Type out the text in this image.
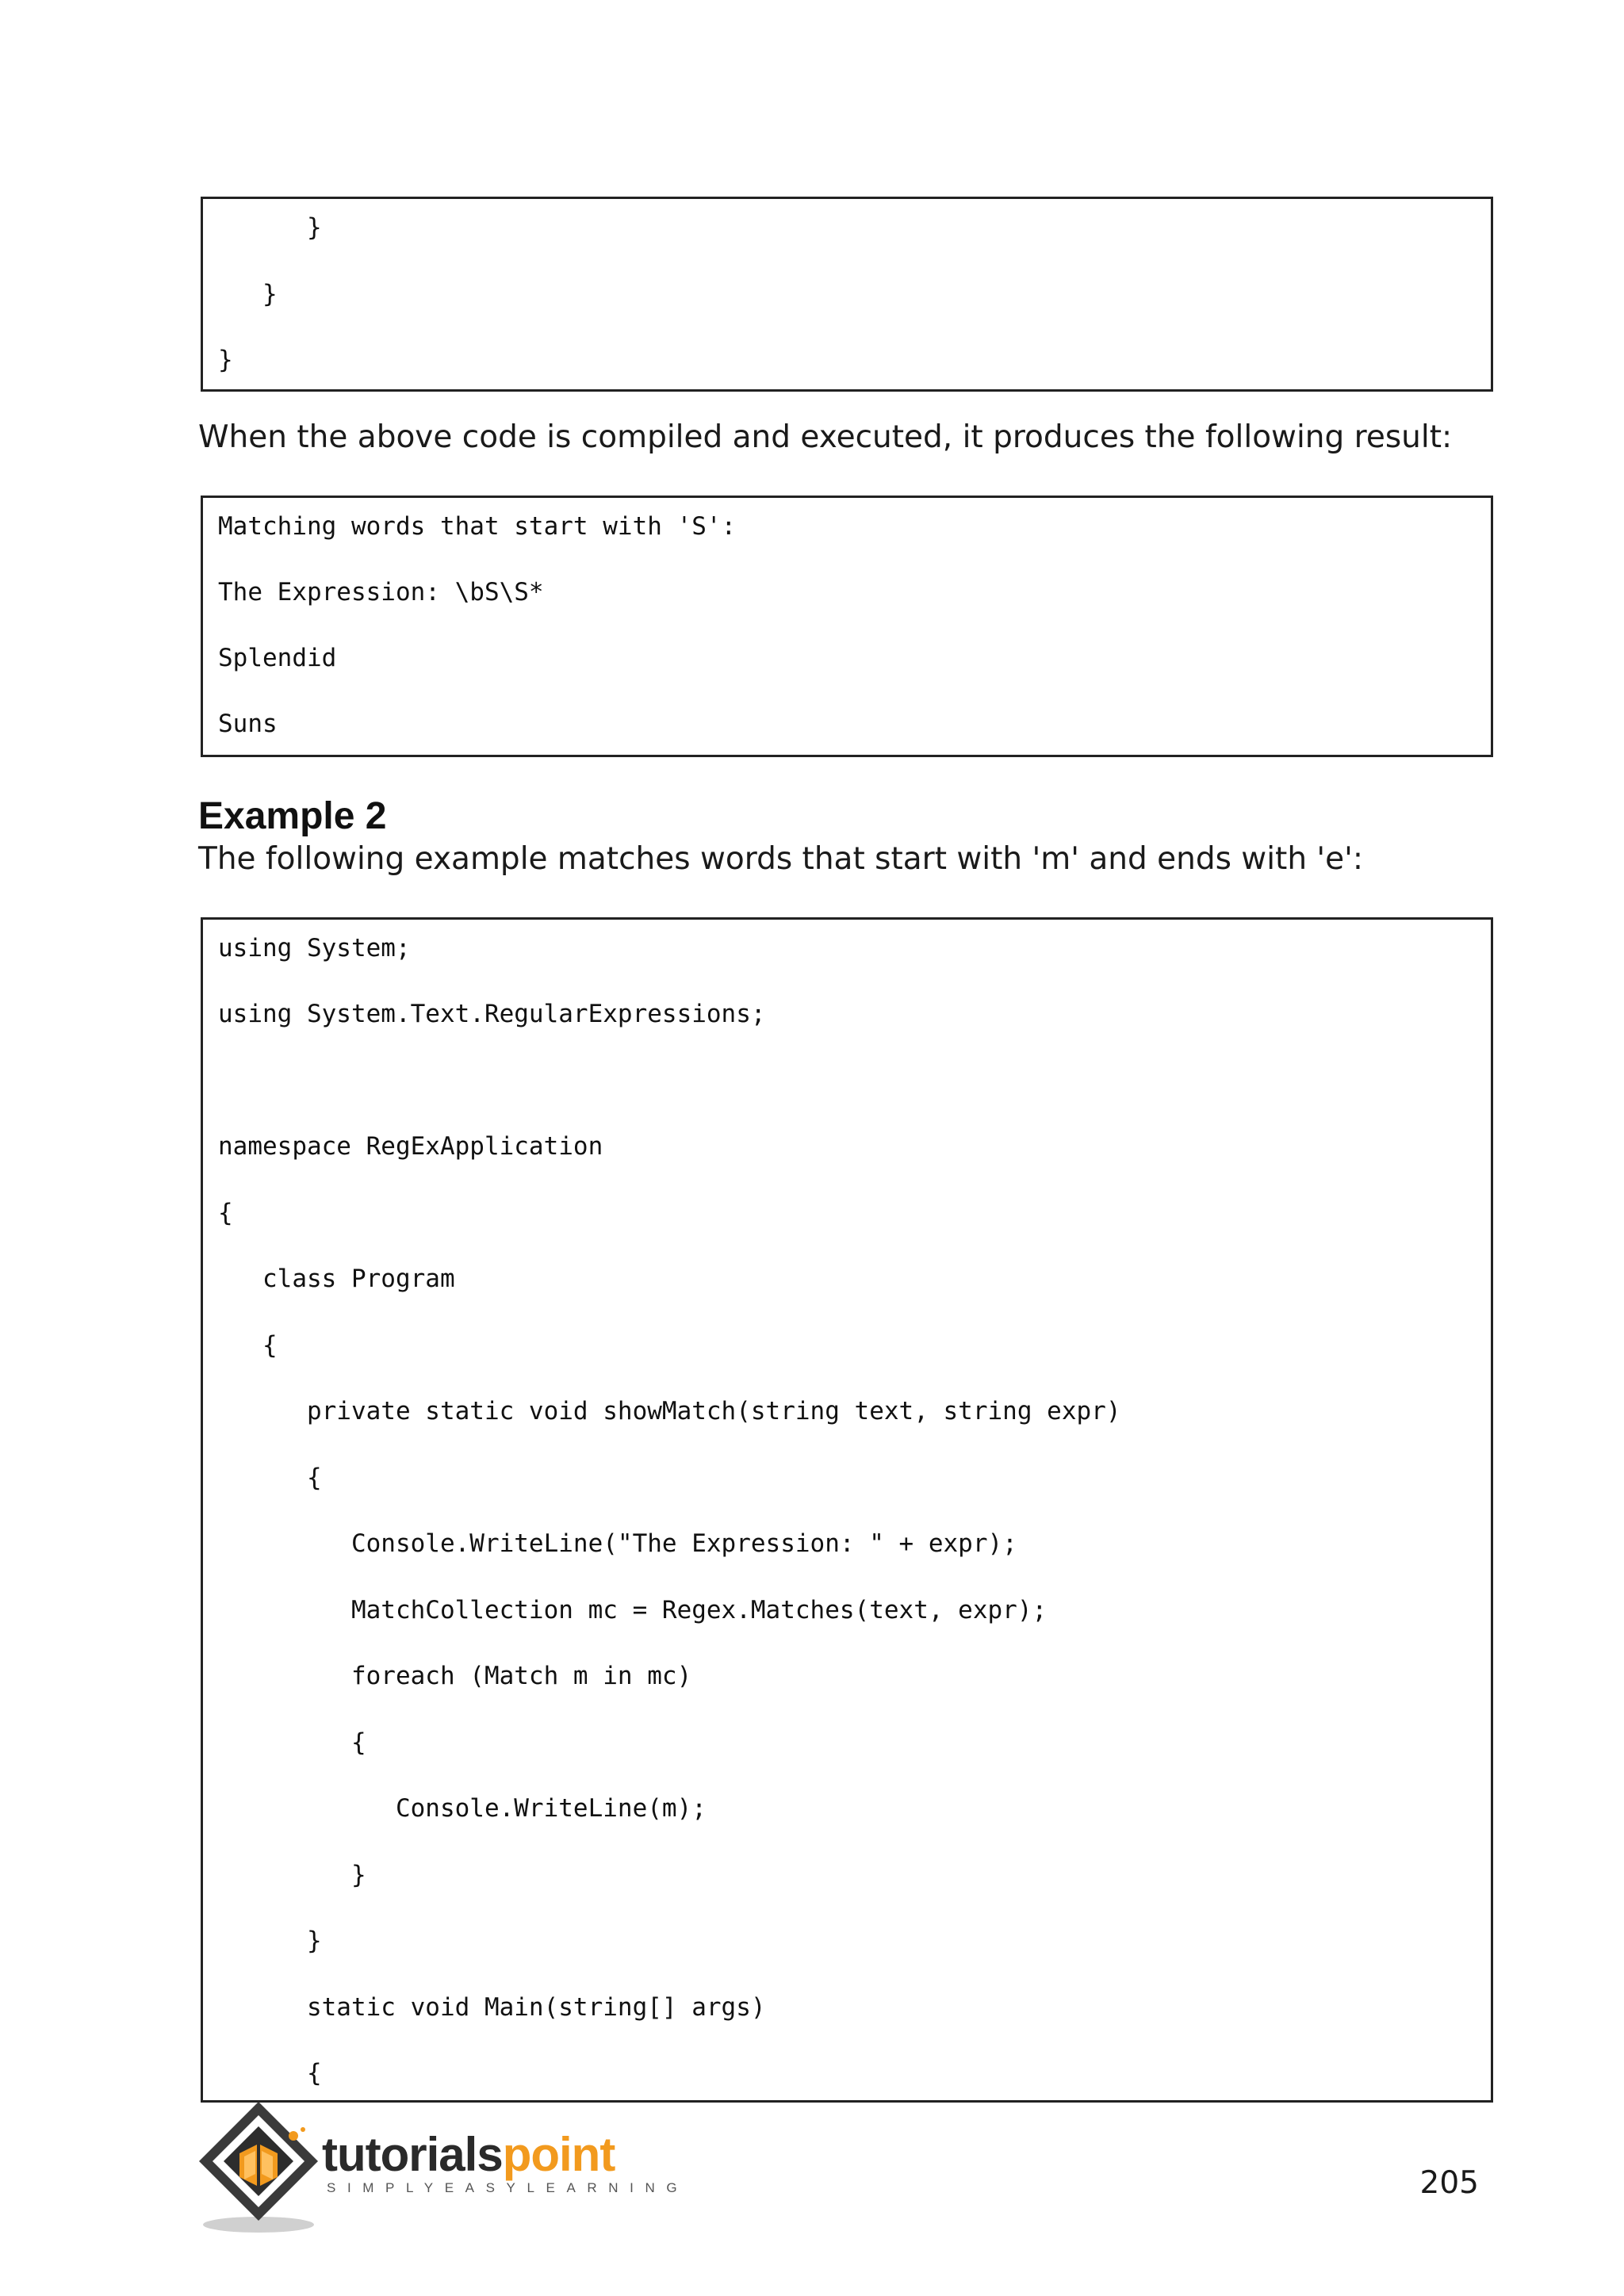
}
}
}
When the above code is compiled and executed, it produces the following result:
Matching words that start with 'S':
The Expression: \bS\S*
Splendid
Suns
Example 2
The following example matches words that start with 'm' and ends with 'e':
using System;
using System.Text.RegularExpressions;
namespace RegExApplication
{
class Program
{
private static void showMatch(string text, string expr)
{
Console.WriteLine("The Expression: " + expr);
MatchCollection mc = Regex.Matches(text, expr);
foreach (Match m in mc)
{
Console.WriteLine(m);
}
}
static void Main(string[] args)
{
tutorialspoint
SIMPLYEASYLEARNING	205
